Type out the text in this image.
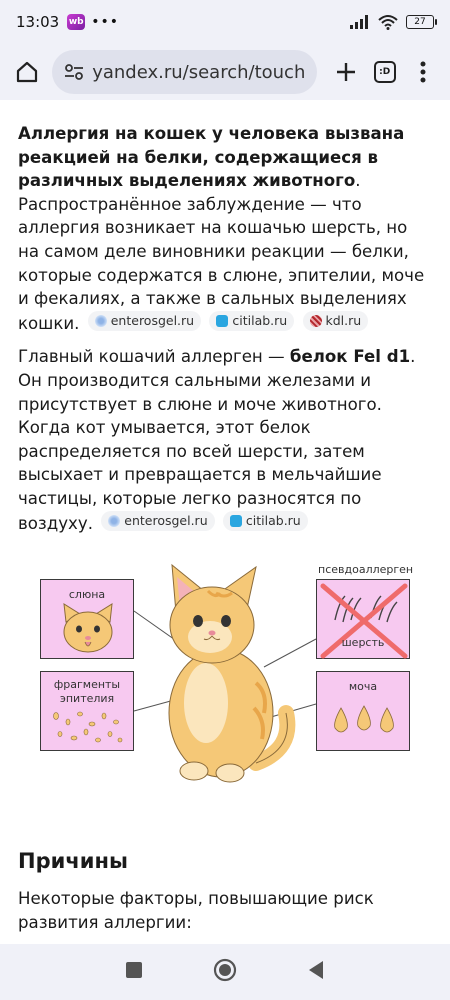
13:03 wb •••	27
yandex.ru/search/touch	:D

Аллергия на кошек у человека вызвана реакцией на белки, содержащиеся в различных выделениях животного. Распространённое заблуждение — что аллергия возникает на кошачью шерсть, но на самом деле виновники реакции — белки, которые содержатся в слюне, эпителии, моче и фекалиях, а также в сальных выделениях кошки.	enterosgel.ru
	citilab.ru
	kdl.ru

Главный кошачий аллерген — белок Fel d1. Он производится сальными железами и присутствует в слюне и моче животного. Когда кот умывается, этот белок распределяется по всей шерсти, затем высыхает и превращается в мельчайшие частицы, которые легко разносятся по воздуху.	enterosgel.ru
	citilab.ru

слюна
фрагменты
эпителия
псевдоаллерген
шерсть
моча
Причины

Некоторые факторы, повышающие риск развития аллергии:

•
